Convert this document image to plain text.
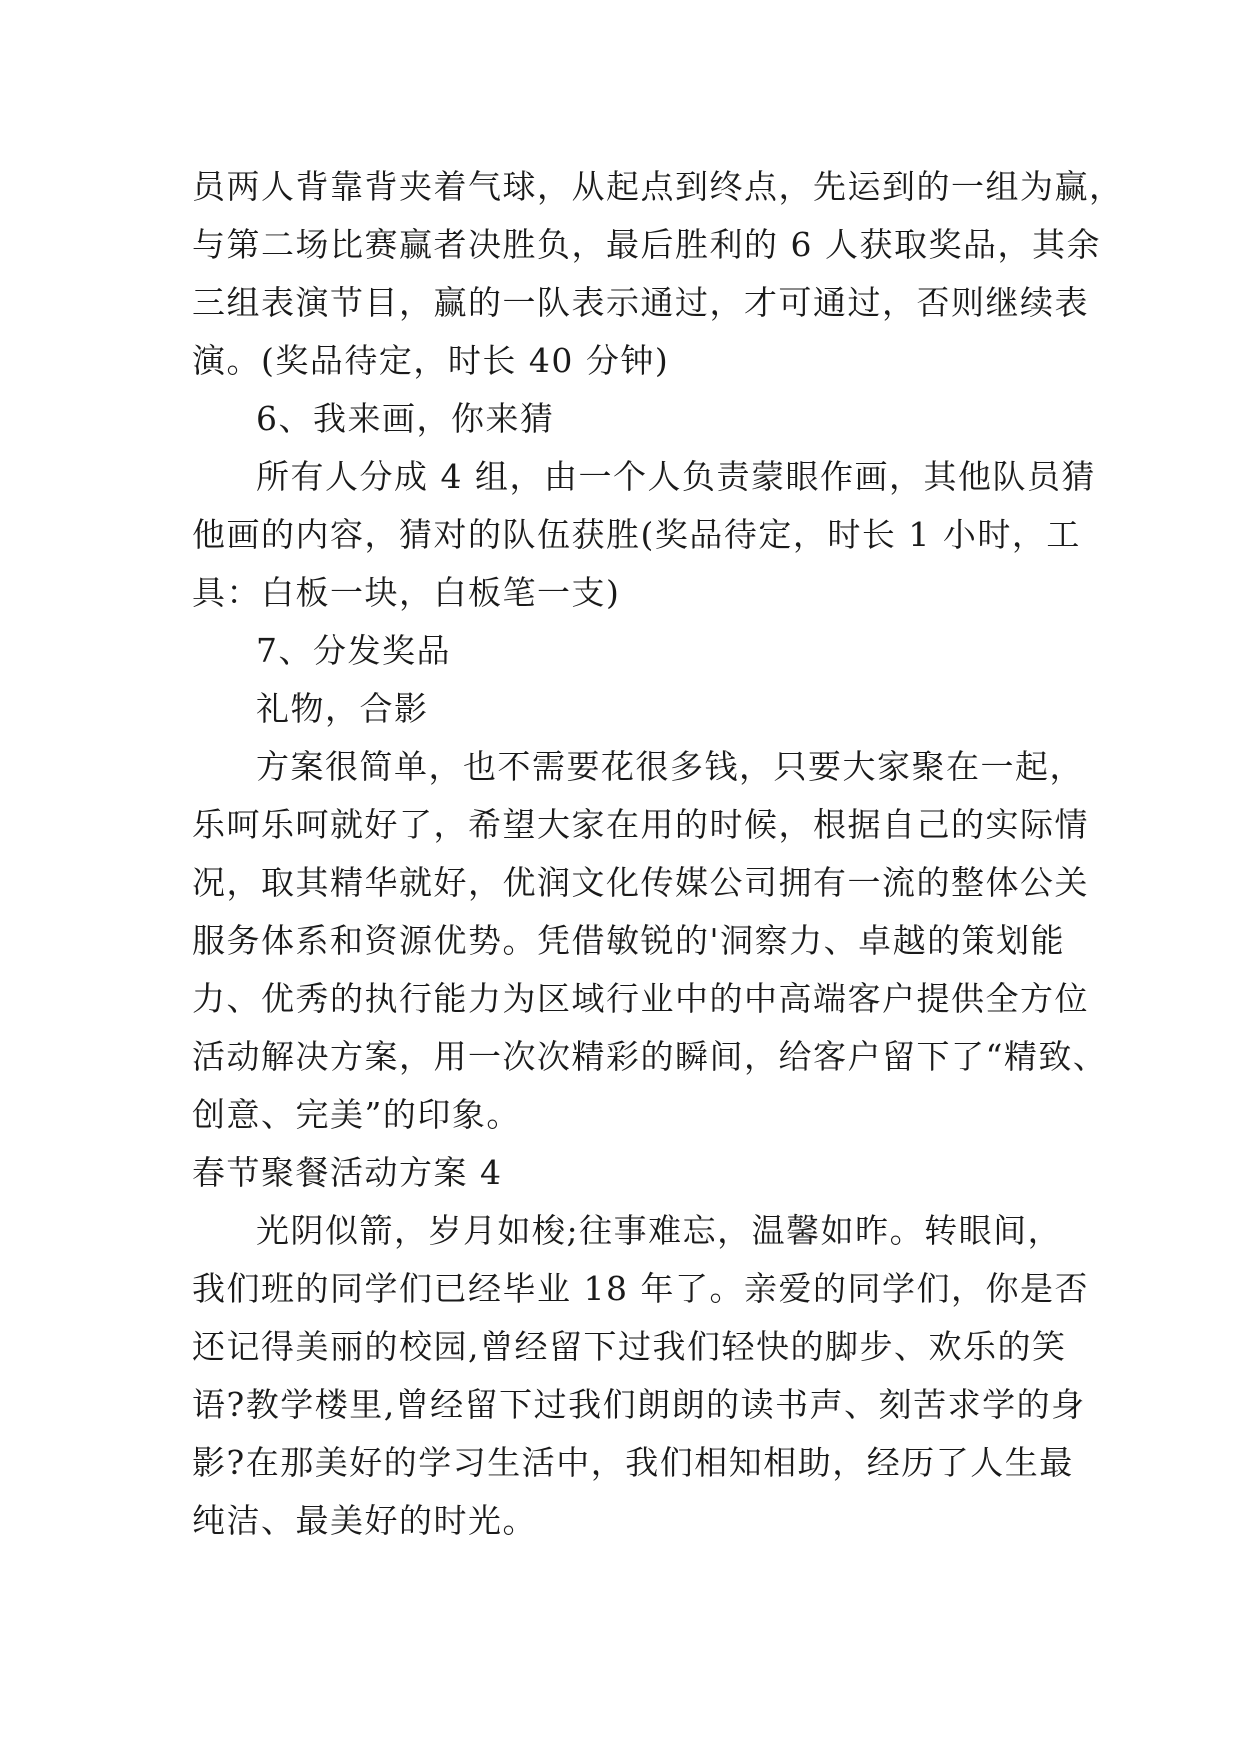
员两人背靠背夹着气球，从起点到终点，先运到的一组为赢，
与第二场比赛赢者决胜负，最后胜利的 6 人获取奖品，其余
三组表演节目，赢的一队表示通过，才可通过，否则继续表
演。(奖品待定，时长 40 分钟)
6、我来画，你来猜
所有人分成 4 组，由一个人负责蒙眼作画，其他队员猜
他画的内容，猜对的队伍获胜(奖品待定，时长 1 小时，工
具：白板一块，白板笔一支)
7、分发奖品
礼物，合影
方案很简单，也不需要花很多钱，只要大家聚在一起，
乐呵乐呵就好了，希望大家在用的时候，根据自己的实际情
况，取其精华就好，优润文化传媒公司拥有一流的整体公关
服务体系和资源优势。凭借敏锐的'洞察力、卓越的策划能
力、优秀的执行能力为区域行业中的中高端客户提供全方位
活动解决方案，用一次次精彩的瞬间，给客户留下了“精致、
创意、完美”的印象。
春节聚餐活动方案 4
光阴似箭，岁月如梭;往事难忘，温馨如昨。转眼间，
我们班的同学们已经毕业 18 年了。亲爱的同学们，你是否
还记得美丽的校园,曾经留下过我们轻快的脚步、欢乐的笑
语?教学楼里,曾经留下过我们朗朗的读书声、刻苦求学的身
影?在那美好的学习生活中，我们相知相助，经历了人生最
纯洁、最美好的时光。
